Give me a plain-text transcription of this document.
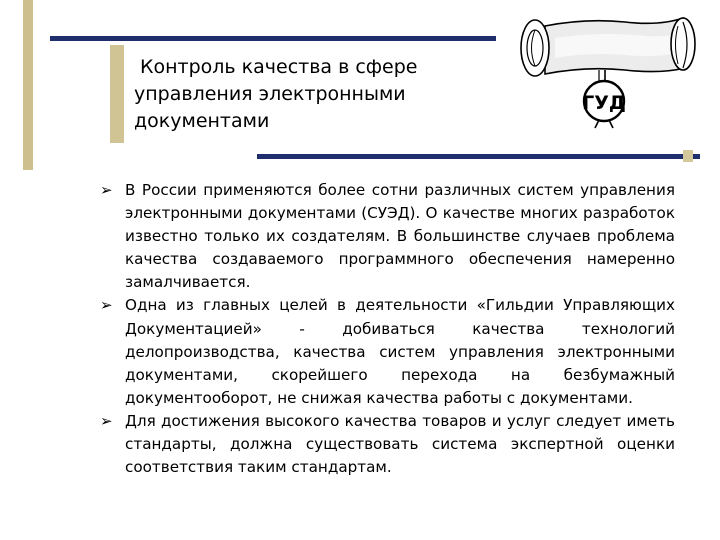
Контроль качества в сфере
управления электронными
документами
ГУД
➢ В России применяются более сотни различных систем управления электронными документами (СУЭД). О качестве многих разработок известно только их создателям. В большинстве случаев проблема качества создаваемого программного обеспечения намеренно замалчивается.
➢ Одна из главных целей в деятельности «Гильдии Управляющих Документацией» - добиваться качества технологий делопроизводства, качества систем управления электронными документами, скорейшего перехода на безбумажный документооборот, не снижая качества работы с документами.
➢ Для достижения высокого качества товаров и услуг следует иметь стандарты, должна существовать система экспертной оценки соответствия таким стандартам.
